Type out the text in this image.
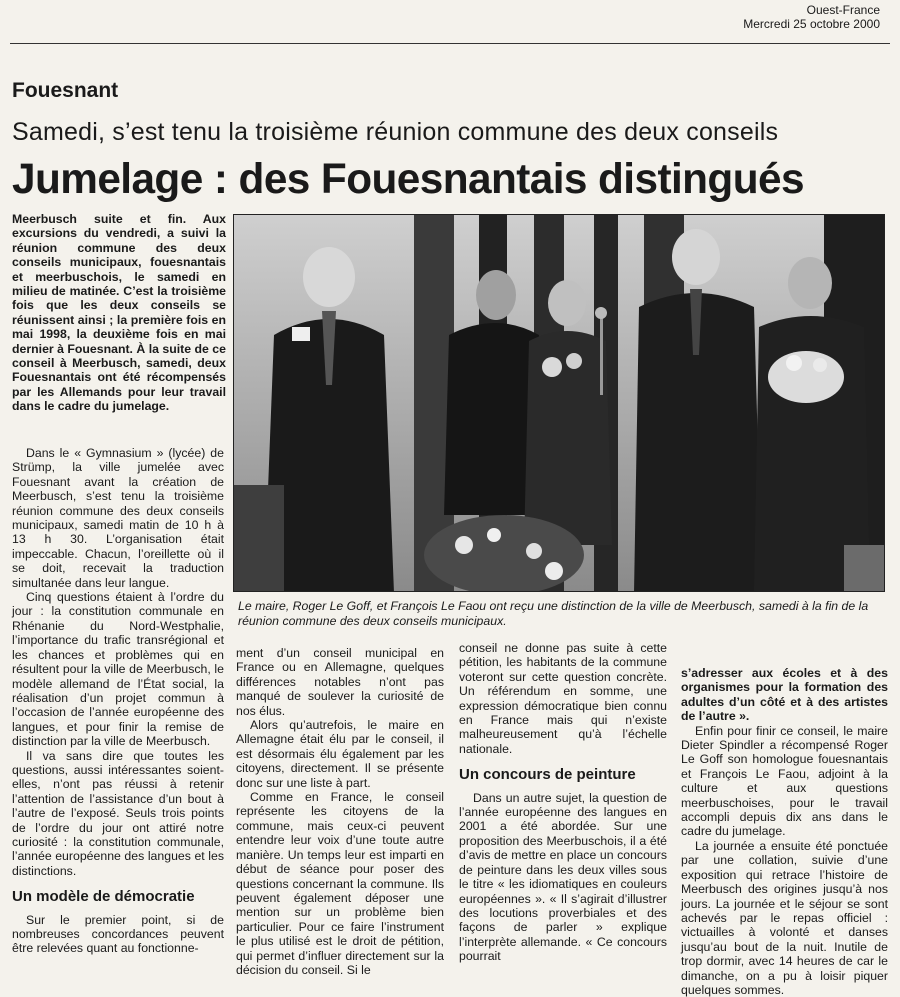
Ouest-France
Mercredi 25 octobre 2000
Fouesnant
Samedi, s’est tenu la troisième réunion commune des deux conseils
Jumelage : des Fouesnantais distingués
Meerbusch suite et fin. Aux excursions du vendredi, a suivi la réunion commune des deux conseils municipaux, fouesnantais et meerbuschois, le samedi en milieu de matinée. C’est la troisième fois que les deux conseils se réunissent ainsi ; la première fois en mai 1998, la deuxième fois en mai dernier à Fouesnant. À la suite de ce conseil à Meerbusch, samedi, deux Fouesnantais ont été récompensés par les Allemands pour leur travail dans le cadre du jumelage.
Le maire, Roger Le Goff, et François Le Faou ont reçu une distinction de la ville de Meerbusch, samedi à la fin de la réunion commune des deux conseils municipaux.

Dans le « Gymnasium » (lycée) de Strümp, la ville jumelée avec Fouesnant avant la création de Meerbusch, s’est tenu la troisième réunion commune des deux conseils municipaux, samedi matin de 10 h à 13 h 30. L’organisation était impeccable. Chacun, l’oreillette où il se doit, recevait la traduction simultanée dans leur langue.

Cinq questions étaient à l’ordre du jour : la constitution communale en Rhénanie du Nord-Westphalie, l’importance du trafic transrégional et les chances et problèmes qui en résultent pour la ville de Meerbusch, le modèle allemand de l’État social, la réalisation d’un projet commun à l’occasion de l’année européenne des langues, et pour finir la remise de distinction par la ville de Meerbusch.

Il va sans dire que toutes les questions, aussi intéressantes soient-elles, n’ont pas réussi à retenir l’attention de l’assistance d’un bout à l’autre de l’exposé. Seuls trois points de l’ordre du jour ont attiré notre curiosité : la constitution communale, l’année européenne des langues et les distinctions.

Un modèle de démocratie

Sur le premier point, si de nombreuses concordances peuvent être relevées quant au fonctionne-

ment d’un conseil municipal en France ou en Allemagne, quelques différences notables n’ont pas manqué de soulever la curiosité de nos élus.

Alors qu’autrefois, le maire en Allemagne était élu par le conseil, il est désormais élu également par les citoyens, directement. Il se présente donc sur une liste à part.

Comme en France, le conseil représente les citoyens de la commune, mais ceux-ci peuvent entendre leur voix d’une toute autre manière. Un temps leur est imparti en début de séance pour poser des questions concernant la commune. Ils peuvent également déposer une mention sur un problème bien particulier. Pour ce faire l’instrument le plus utilisé est le droit de pétition, qui permet d’influer directement sur la décision du conseil. Si le

conseil ne donne pas suite à cette pétition, les habitants de la commune voteront sur cette question concrète. Un référendum en somme, une expression démocratique bien connu en France mais qui n’existe malheureusement qu’à l’échelle nationale.

Un concours de peinture

Dans un autre sujet, la question de l’année européenne des langues en 2001 a été abordée. Sur une proposition des Meerbuschois, il a été d’avis de mettre en place un concours de peinture dans les deux villes sous le titre « les idiomatiques en couleurs européennes ». « Il s’agirait d’illustrer des locutions proverbiales et des façons de parler » explique l’interprète allemande. « Ce concours pourrait

s’adresser aux écoles et à des organismes pour la formation des adultes d’un côté et à des artistes de l’autre ».

Enfin pour finir ce conseil, le maire Dieter Spindler a récompensé Roger Le Goff son homologue fouesnantais et François Le Faou, adjoint à la culture et aux questions meerbuschoises, pour le travail accompli depuis dix ans dans le cadre du jumelage.

La journée a ensuite été ponctuée par une collation, suivie d’une exposition qui retrace l’histoire de Meerbusch des origines jusqu’à nos jours. La journée et le séjour se sont achevés par le repas officiel : victuailles à volonté et danses jusqu’au bout de la nuit. Inutile de trop dormir, avec 14 heures de car le dimanche, on a pu à loisir piquer quelques sommes.
